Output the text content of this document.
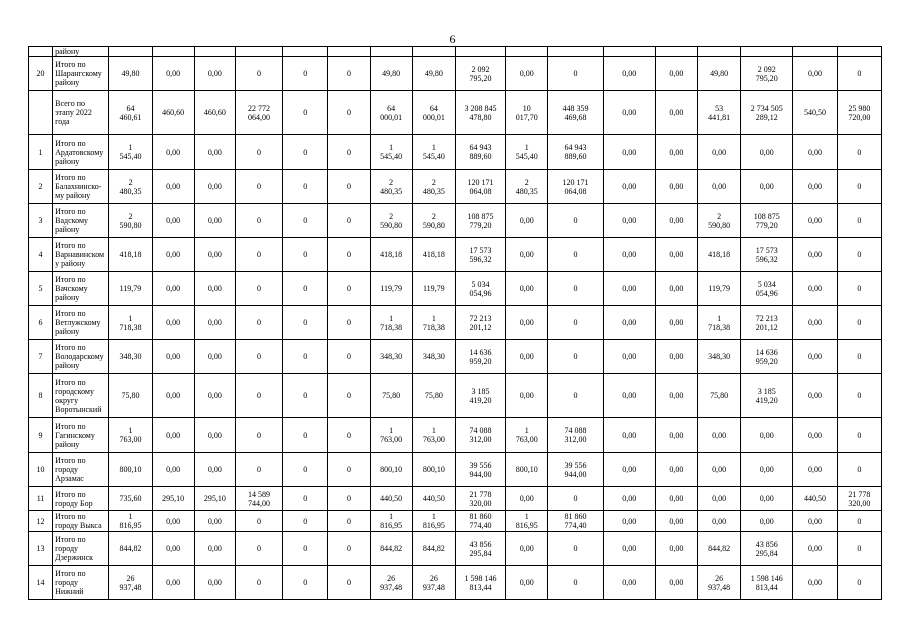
6
	району																	
20	Итого по
Шарангскому
району	49,80	0,00	0,00	0	0	0	49,80	49,80	2 092
795,20	0,00	0	0,00	0,00	49,80	2 092
795,20	0,00	0
	Всего по
этапу 2022
года	64
460,61	460,60	460,60	22 772
064,00	0	0	64
000,01	64
000,01	3 208 845
478,80	10
017,70	448 359
469,68	0,00	0,00	53
441,81	2 734 505
289,12	540,50	25 980
720,00
1	Итого по
Ардатовскому
району	1
545,40	0,00	0,00	0	0	0	1
545,40	1
545,40	64 943
889,60	1
545,40	64 943
889,60	0,00	0,00	0,00	0,00	0,00	0
2	Итого по
Балахнинско-
му району	2
480,35	0,00	0,00	0	0	0	2
480,35	2
480,35	120 171
064,08	2
480,35	120 171
064,08	0,00	0,00	0,00	0,00	0,00	0
3	Итого по
Вадскому
району	2
590,80	0,00	0,00	0	0	0	2
590,80	2
590,80	108 875
779,20	0,00	0	0,00	0,00	2
590,80	108 875
779,20	0,00	0
4	Итого по
Варнавинском
у району	418,18	0,00	0,00	0	0	0	418,18	418,18	17 573
596,32	0,00	0	0,00	0,00	418,18	17 573
596,32	0,00	0
5	Итого по
Вачскому
району	119,79	0,00	0,00	0	0	0	119,79	119,79	5 034
054,96	0,00	0	0,00	0,00	119,79	5 034
054,96	0,00	0
6	Итого по
Ветлужскому
району	1
718,38	0,00	0,00	0	0	0	1
718,38	1
718,38	72 213
201,12	0,00	0	0,00	0,00	1
718,38	72 213
201,12	0,00	0
7	Итого по
Володарскому
району	348,30	0,00	0,00	0	0	0	348,30	348,30	14 636
959,20	0,00	0	0,00	0,00	348,30	14 636
959,20	0,00	0
8	Итого по
городскому
округу
Воротынский	75,80	0,00	0,00	0	0	0	75,80	75,80	3 185
419,20	0,00	0	0,00	0,00	75,80	3 185
419,20	0,00	0
9	Итого по
Гагинскому
району	1
763,00	0,00	0,00	0	0	0	1
763,00	1
763,00	74 088
312,00	1
763,00	74 088
312,00	0,00	0,00	0,00	0,00	0,00	0
10	Итого по
городу
Арзамас	800,10	0,00	0,00	0	0	0	800,10	800,10	39 556
944,00	800,10	39 556
944,00	0,00	0,00	0,00	0,00	0,00	0
11	Итого по
городу Бор	735,60	295,10	295,10	14 589
744,00	0	0	440,50	440,50	21 778
320,00	0,00	0	0,00	0,00	0,00	0,00	440,50	21 778
320,00
12	Итого по
городу Выкса	1
816,95	0,00	0,00	0	0	0	1
816,95	1
816,95	81 860
774,40	1
816,95	81 860
774,40	0,00	0,00	0,00	0,00	0,00	0
13	Итого по
городу
Дзержинск	844,82	0,00	0,00	0	0	0	844,82	844,82	43 856
295,84	0,00	0	0,00	0,00	844,82	43 856
295,84	0,00	0
14	Итого по
городу
Нижний	26
937,48	0,00	0,00	0	0	0	26
937,48	26
937,48	1 598 146
813,44	0,00	0	0,00	0,00	26
937,48	1 598 146
813,44	0,00	0
